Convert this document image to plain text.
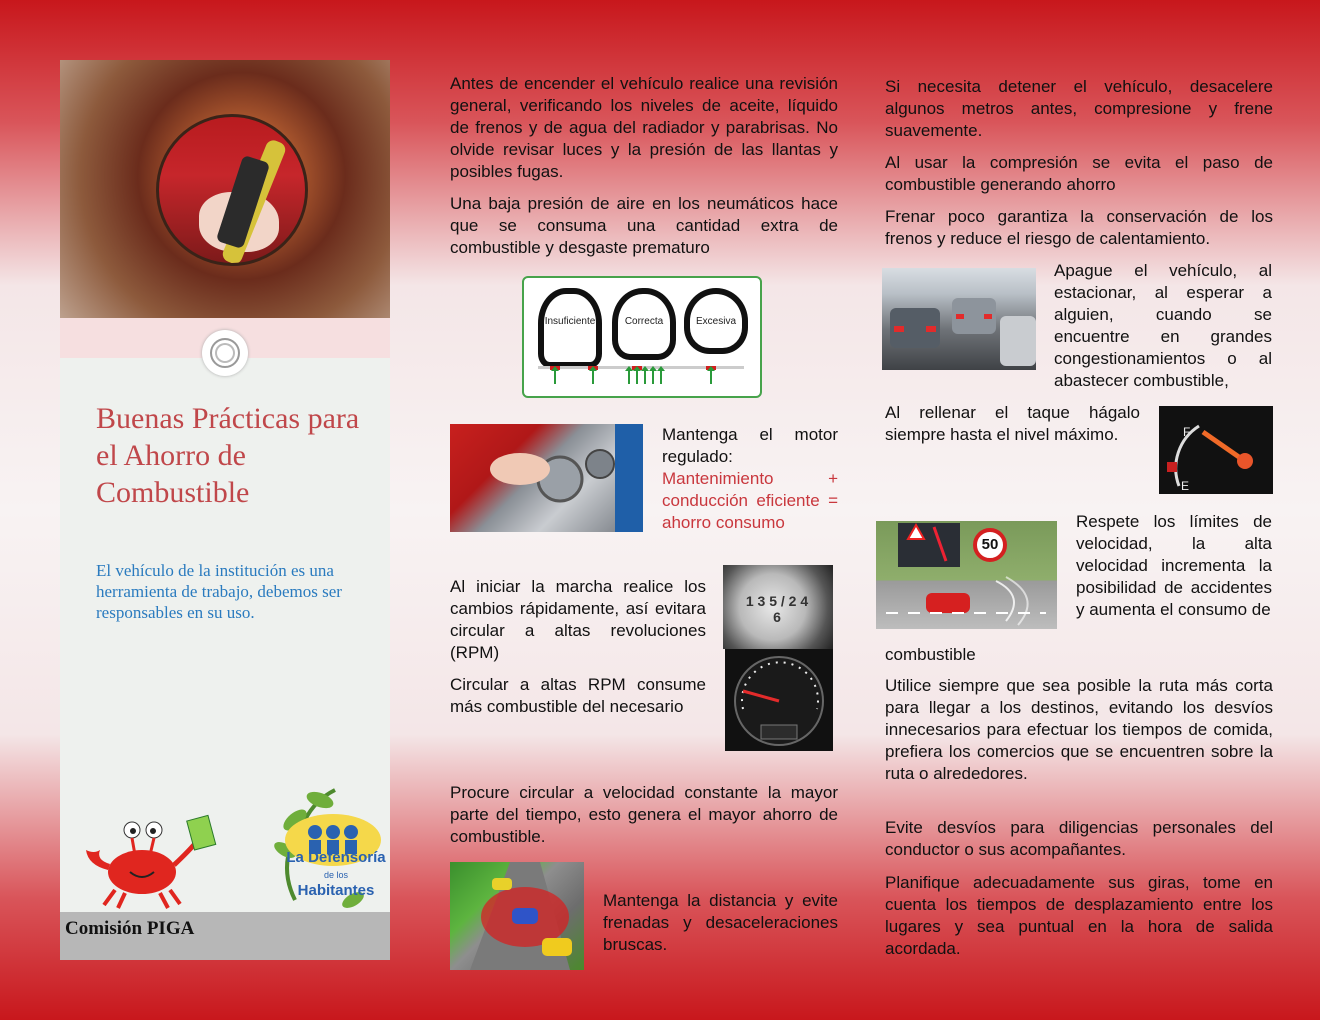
Buenas Prácticas para el Ahorro de Combustible
El vehículo de la institución es una herramienta de trabajo, debemos ser responsables en su uso.
La Defensoría
de los Habitantes
Comisión PIGA
Antes de encender el vehículo realice una revisión general, verificando los niveles de aceite, líquido de frenos y de agua del radiador y parabrisas. No olvide revisar luces y la presión de las llantas y posibles fugas.
Una baja presión de aire en los neumáticos hace que se consuma una cantidad extra de combustible y desgaste prematuro
Insuficiente	Correcta	Excesiva
Mantenga el motor regulado:
Mantenimiento + conducción eficiente = ahorro consumo
Al iniciar la marcha realice los cambios rápidamente, así evitara circular a altas revoluciones (RPM)
Circular a altas RPM consume más combustible del necesario
1 3 5 / 2 4 6
Procure circular a velocidad constante la mayor parte del tiempo, esto genera el mayor ahorro de combustible.
Mantenga la distancia y evite frenadas y desaceleraciones bruscas.
Si necesita detener el vehículo, desacelere algunos metros antes, compresione y frene suavemente.
Al usar la compresión se evita el paso de combustible generando ahorro
Frenar poco garantiza la conservación de los frenos y reduce el riesgo de calentamiento.
Apague el vehículo, al estacionar, al esperar a alguien, cuando se encuentre en grandes congestionamientos o al abastecer combustible,
Al rellenar el taque hágalo siempre hasta el nivel máximo.	F
E
50
Respete los límites de velocidad, la alta velocidad incrementa la posibilidad de accidentes y aumenta el consumo de
combustible
Utilice siempre que sea posible la ruta más corta para llegar a los destinos, evitando los desvíos innecesarios para efectuar los tiempos de comida, prefiera los comercios que se encuentren sobre la ruta o alrededores.
Evite desvíos para diligencias personales del conductor o sus acompañantes.
Planifique adecuadamente sus giras, tome en cuenta los tiempos de desplazamiento entre los lugares y sea puntual en la hora de salida acordada.
